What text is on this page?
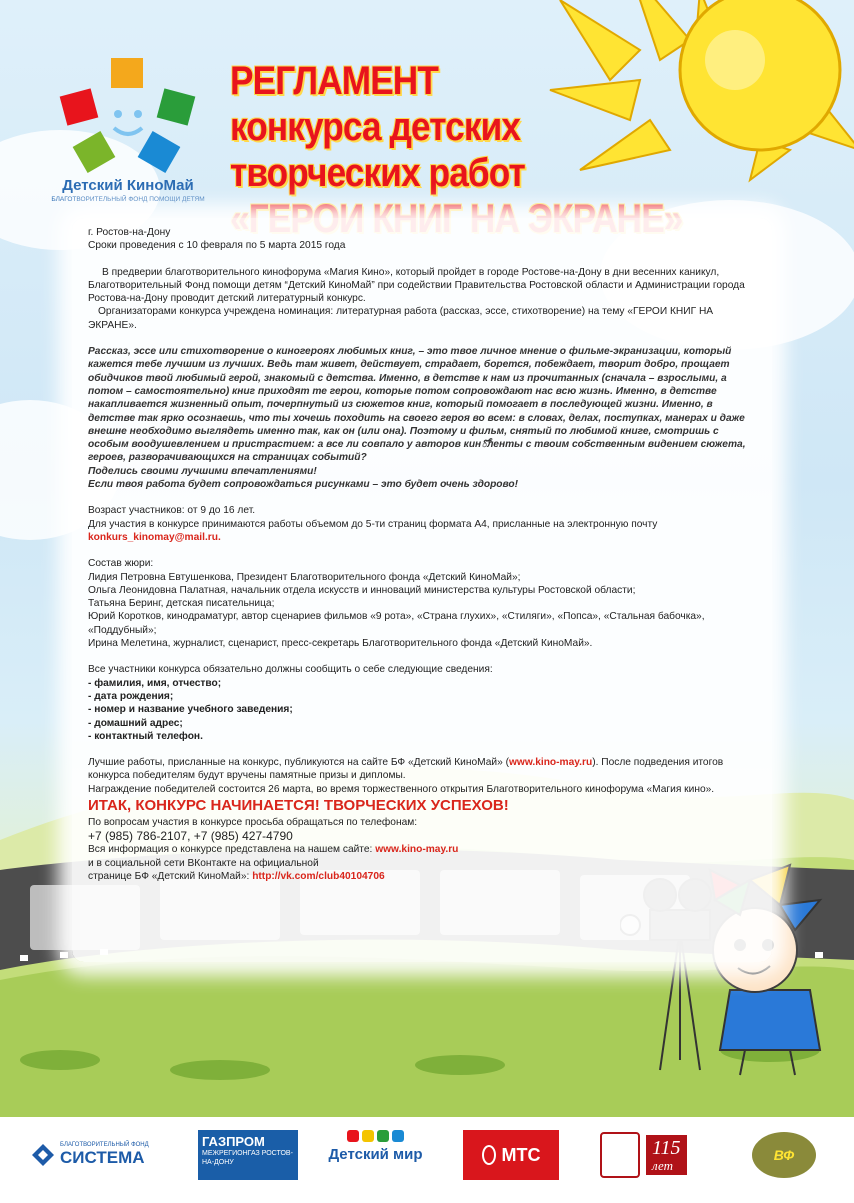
Детский КиноМай
БЛАГОТВОРИТЕЛЬНЫЙ ФОНД ПОМОЩИ ДЕТЯМ
РЕГЛАМЕНТ
конкурса детских
творческих работ

г. Ростов-на-Дону

Сроки проведения с 10 февраля по 5 марта 2015 года

В предверии благотворительного кинофорума «Магия Кино», который пройдет в городе Ростове-на-Дону в дни весенних каникул, Благотворительный Фонд помощи детям “Детский КиноМай” при содействии Правительства Ростовской области и Администрации города Ростова-на-Дону проводит детский литературный конкурс.

Организаторами конкурса учреждена номинация: литературная работа (рассказ, эссе, стихотворение) на тему «ГЕРОИ КНИГ НА ЭКРАНЕ».

Рассказ, эссе или стихотворение о киногероях любимых книг, – это твое личное мнение о фильме-экранизации, который кажется тебе лучшим из лучших. Ведь там живет, действует, страдает, борется, побеждает, творит добро, прощает обидчиков твой любимый герой, знакомый с детства. Именно, в детстве к нам из прочитанных (сначала – взрослыми, а потом – самостоятельно) книг приходят те герои, которые потом сопровождают нас всю жизнь. Именно, в детстве накапливается жизненный опыт, почерпнутый из сюжетов книг, который помогает в последующей жизни. Именно, в детстве так ярко осознаешь, что ты хочешь походить на своего героя во всем: в словах, делах, поступках, манерах и даже внешне необходимо выглядеть именно так, как он (или она). Поэтому и фильм, снятый по любимой книге, смотришь с особым воодушевлением и пристрастием: а все ли совпало у авторов кинోленты с твоим собственным видением сюжета, героев, разворачивающихся на страницах событий?

Поделись своими лучшими впечатлениями!

Если твоя работа будет сопровождаться рисунками – это будет очень здорово!

Возраст участников: от 9 до 16 лет.

Для участия в конкурсе принимаются работы объемом до 5-ти страниц формата А4, присланные на электронную почту

konkurs_kinomay@mail.ru.

Состав жюри:

Лидия Петровна Евтушенкова, Президент Благотворительного фонда «Детский КиноМай»;

Ольга Леонидовна Палатная, начальник отдела искусств и инноваций министерства культуры Ростовской области;

Татьяна Беринг, детская писательница;

Юрий Коротков, кинодраматург, автор сценариев фильмов «9 рота», «Страна глухих», «Стиляги», «Попса», «Стальная бабочка», «Поддубный»;

Ирина Мелетина, журналист, сценарист, пресс-секретарь Благотворительного фонда «Детский КиноМай».

Все участники конкурса обязательно должны сообщить о себе следующие сведения:

- фамилия, имя, отчество;

- дата рождения;

- номер и название учебного заведения;

- домашний адрес;

- контактный телефон.

Лучшие работы, присланные на конкурс, публикуются на сайте БФ «Детский КиноМай» (www.kino-may.ru). После подведения итогов конкурса победителям будут вручены памятные призы и дипломы.

Награждение победителей состоится 26 марта, во время торжественного открытия Благотворительного кинофорума «Магия кино».

ИТАК, КОНКУРС НАЧИНАЕТСЯ! ТВОРЧЕСКИХ УСПЕХОВ!

По вопросам участия в конкурсе просьба обращаться по телефонам:

+7 (985) 786-2107, +7 (985) 427-4790

Вся информация о конкурсе представлена на нашем сайте: www.kino-may.ru

и в социальной сети ВКонтакте на официальной

странице БФ «Детский КиноМай»: http://vk.com/club40104706

БЛАГОТВОРИТЕЛЬНЫЙ ФОНД
СИСТЕМА
ГАЗПРОМ
МЕЖРЕГИОНГАЗ РОСТОВ-НА-ДОНУ	Детский мир	МТС	115
лет
ВФ
